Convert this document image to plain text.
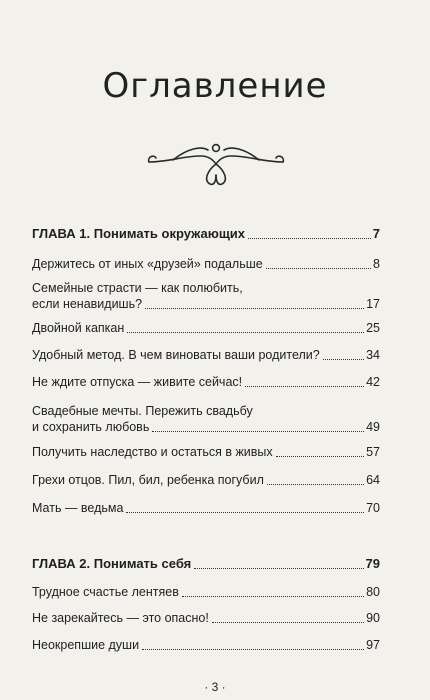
Оглавление
ГЛАВА 1. Понимать окружающих	7
Держитесь от иных «друзей» подальше	8
Семейные страсти — как полюбить,
если ненавидишь?	17
Двойной капкан	25
Удобный метод. В чем виноваты ваши родители?	34
Не ждите отпуска — живите сейчас!	42
Свадебные мечты. Пережить свадьбу
и сохранить любовь	49
Получить наследство и остаться в живых	57
Грехи отцов. Пил, бил, ребенка погубил	64
Мать — ведьма	70
ГЛАВА 2. Понимать себя	79
Трудное счастье лентяев	80
Не зарекайтесь — это опасно!	90
Неокрепшие души	97
· 3 ·
